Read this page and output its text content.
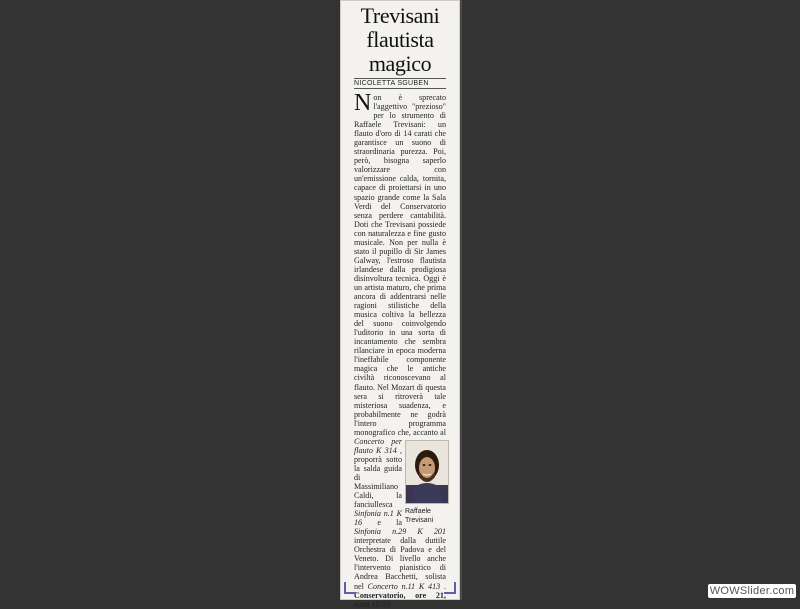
Trevisani flautista magico
NICOLETTA SGUBEN
N on è sprecato l'aggettivo "prezioso" per lo strumento di Raffaele Trevisani: un flauto d'oro di 14 carati che garantisce un suono di straordinaria purezza. Poi, però, bisogna saperlo valorizzare con un'emissione calda, tornita, capace di proiettarsi in uno spazio grande come la Sala Verdi del Conservatorio senza perdere cantabilità. Doti che Trevisani possiede con naturalezza e fine gusto musicale. Non per nulla è stato il pupillo di Sir James Galway, l'estroso flautista irlandese dalla prodigiosa disinvoltura tecnica. Oggi è un artista maturo, che prima ancora di addentrarsi nelle ragioni stilistiche della musica coltiva la bellezza del suono coinvolgendo l'uditorio in una sorta di incantamento che sembra rilanciare in epoca moderna l'ineffabile componente magica che le antiche civiltà riconoscevano al flauto. Nel Mozart di questa sera si ritroverà tale misteriosa suadenza, e probabilmente ne godrà l'intero programma monografico che, accanto al
Raffaele Trevisani
Concerto per flauto K 314 , proporrà sotto la salda guida di Massimiliano Caldi, la fanciullesca Sinfonia n.1 K 16 e la Sinfonia n.29 K 201 interpretate dalla duttile Orchestra di Padova e del Veneto. Di livello anche l'intervento pianistico di Andrea Bacchetti, solista nel Concerto n.11 K 413 . Conservatorio, ore 21, euro 15/10
WOWSlider.com
